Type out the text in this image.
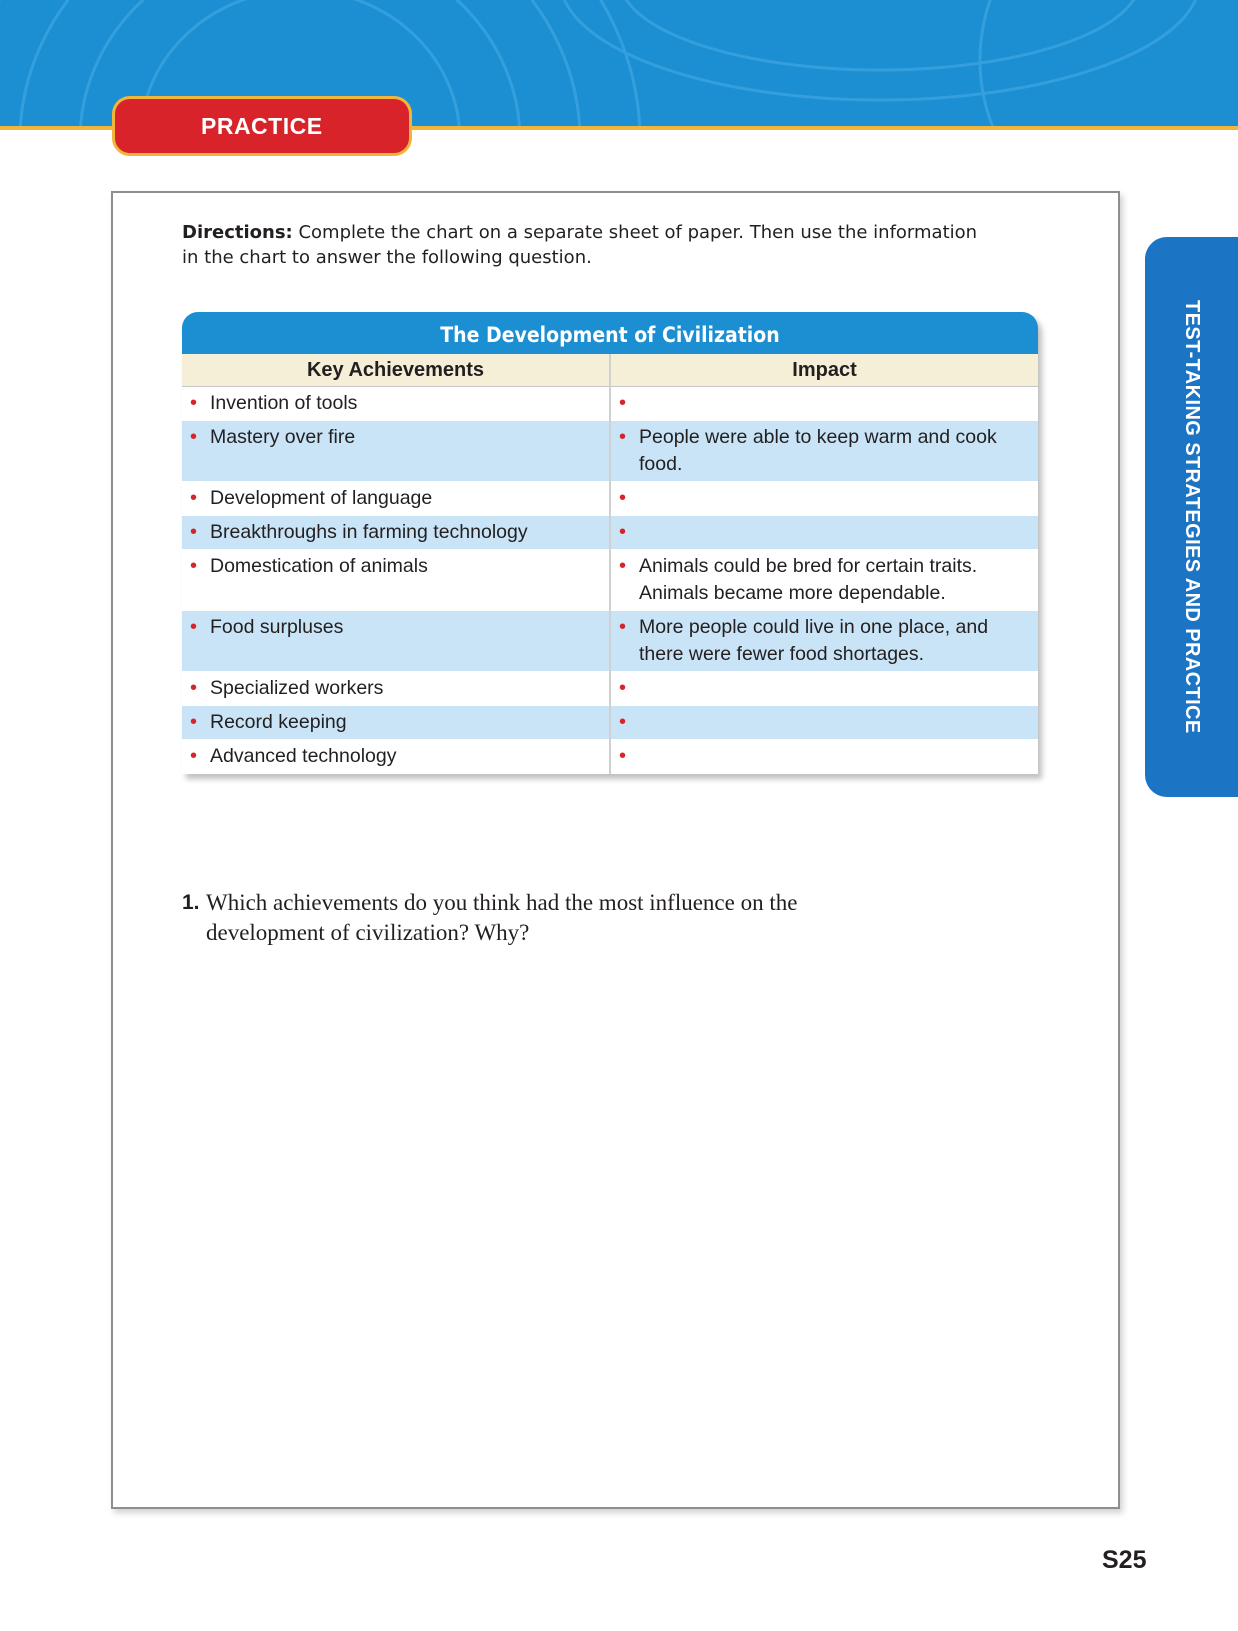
PRACTICE
TEST-TAKING STRATEGIES AND PRACTICE
Directions: Complete the chart on a separate sheet of paper. Then use the information in the chart to answer the following question.
The Development of Civilization
Key Achievements	Impact

• Invention of tools	•

• Mastery over fire	• People were able to keep warm and cook food.

• Development of language	•

• Breakthroughs in farming technology	•

• Domestication of animals	• Animals could be bred for certain traits. Animals became more dependable.

• Food surpluses	• More people could live in one place, and there were fewer food shortages.

• Specialized workers	•

• Record keeping	•

• Advanced technology	•
1. Which achievements do you think had the most influence on the development of civilization? Why?
S25
